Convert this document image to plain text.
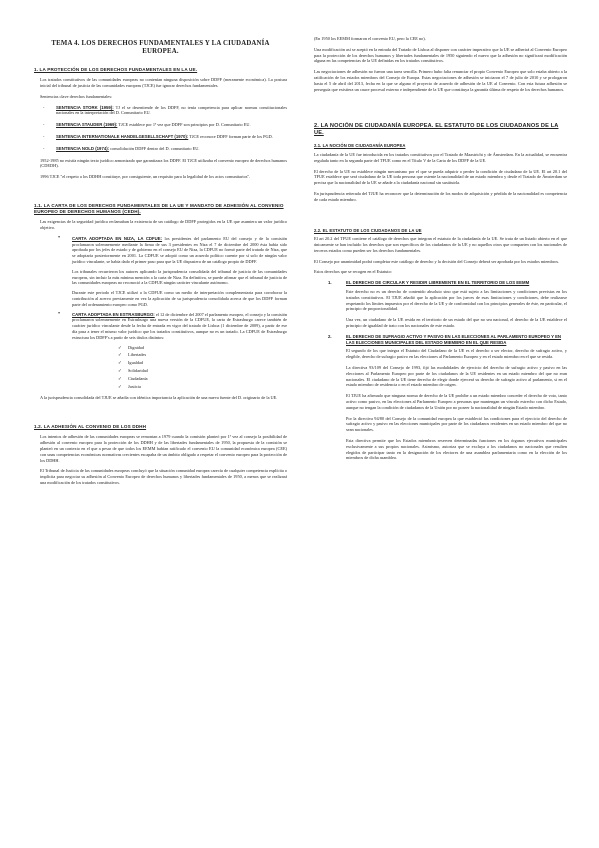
TEMA 4. LOS DERECHOS FUNDAMENTALES Y LA CIUDADANÍA EUROPEA.
1. LA PROTECCIÓN DE LOS DERECHOS FUNDAMENTALES EN LA UE.

Los tratados constitutivos de las comunidades europeas no contenían ninguna disposición sobre DDFF (meramente económica). La postura inicial del tribunal de justicia de las comunidades europeas (TJCE) fue ignorar derechos fundamentales.

Sentencias clave derechos fundamentales:

- SENTENCIA STORK (1959): TJ el se desentiende de los DDFF, no tenía competencia para aplicar normas constitucionales nacionales en la interpretación del D. Comunitario EU.
- SENTENCIA STAUDER (1969): TJCE establece por 1ª vez que DDFF son principios por D. Comunitario EU.
- SENTENCIA INTERNATIONALE HANDELGESELLSCHAFT (1970): TJCE reconoce DDFF forman parte de los PGD.
- SENTENCIA NOLD (1974): consolidación DDFF dentro del D. comunitario EU.

1952-1985 no existía ningún texto jurídico armonizado que garantizara los DDFF. El TJCE utilizaba el convenio europeo de derechos humanos (CDEDH).

1996 TJCE "el respeto a los DDHH constituye, por consiguiente, un requisito para la legalidad de los actos comunitarios".

1.1. LA CARTA DE LOS DERECHOS FUNDAMENTALES DE LA UE Y MANDATO DE ADHESIÓN AL CONVENIO EUROPEO DE DERECHOS HUMANOS (CEDH).

Las exigencias de la seguridad jurídica reclamaban la existencia de un catálogo de DDFF protegidos en la UE que asumiera un valor jurídico objetivo.

•	CARTA ADOPTADA EN NIZA, LA CDFUE: los presidentes del parlamento EU del consejo y de la comisión proclamaron solemnemente mediante la firma de sus 3 presidentes en Niza el 7 de diciembre del 2000 ésta había sido aprobada por los jefes de estado y de gobierno en el consejo EU de Niza, la CDFUE no formó parte del tratado de Niza, que se adoptaría posteriormente en 2001. La CDFUE se adoptó como un acuerdo político carente por sí solo de ningún valor jurídico vinculante, se había dado el primer paso para que la UE dispusiera de un catálogo propio de DDFF.

Los tribunales recurrieron los autores aplicando la jurisprudencia consolidada del tribunal de justicia de las comunidades europeas, sin incluir la más mínima mención a la carta de Niza. En definitiva, se puede afirmar que el tribunal de justicia de las comunidades europeas no reconoció a la CDFUE ningún carácter vinculante autónomo.

Durante este periodo el TJCE utilizó a la CDFUE como un medio de interpretación complementaria para corroborar la contribución al acervo previamente en vez la aplicación de su jurisprudencia consolidada acerca de que los DDFF forman parte del ordenamiento europeo como PGD.

•	CARTA ADOPTADA EN ESTRASBURGO: el 12 de diciembre del 2007 el parlamento europeo, el consejo y la comisión proclamaron solemnemente en Estrasburgo una nueva versión de la CDFUE, la carta de Estrasburgo carece también de carácter jurídico vinculante desde la fecha de entrada en vigor del tratado de Lisboa (1 diciembre de 2009), a partir de ese día pasa a tener el mismo valor jurídico que los tratados constitutivos, aunque no es un tratado. La CDFUE de Estrasburgo estructura los DDFF's a partir de seis títulos distintos:

✓ Dignidad
✓ Libertades
✓ Igualdad
✓ Solidaridad
✓ Ciudadanía
✓ Justicia

A la jurisprudencia consolidada del TJUE se añadía con idéntica importancia la aplicación de una nueva fuente del D. originario de la UE.

1.2. LA ADHESIÓN AL CONVENIO DE LOS DDHH

Los intentos de adhesión de las comunidades europeas se remontan a 1979 cuando la comisión planteó por 1ª vez al consejo la posibilidad de adhesión al convenio europeo para la protección de los DDHH y de las libertades fundamentales de 1950, la propuesta de la comisión se planteó en un contexto en el que a pesar de que todos los EEMM habían ratificado el convenio EU la comunidad económica europea (CEE) con unas competencias económicas normativas crecientes escapaba de un ámbito obligado a respetar el convenio europeo para la protección de los DDHH.

El Tribunal de Justicia de las comunidades europeas concluyó que la situación comunidad europea carecía de cualquier competencia explícita o implícita para negociar su adhesión al Convenio Europeo de derechos humanos y libertades fundamentales de 1950, a menos que se realizará una modificación de los tratados constitutivos.

(En 1950 los EEMM formaron el convenio EU, pero la CEE no).

Una modificación así se aceptó en la entrada del Tratado de Lisboa al disponer con carácter imperativo que la UE se adherirá al Convenio Europeo para la protección de los derechos humanos y libertades fundamentales de 1950 siguiendo el nuevo que la adhesión no significará modificación alguna en las competencias de la UE definidas en los tratados constitutivos.

Las negociaciones de adhesión no fueron una tarea sencilla. Primero hubo falta renunciar el propio Convenio Europeo que solo estaba abierto a la ratificación de los estados miembros del Consejo de Europa. Estas negociaciones de adhesión se iniciaron el 7 de julio de 2010 y se prologaron hasta el 5 de abril del 2013, fecha en la que se alguno el proyecto de acuerdo de adhesión de la UE al Convenio. Con esta futura adhesión se perseguía que existiera un cauce procesal externo e independiente de la UE que constituya la garantía última de respeto de los derechos humanos.

2. LA NOCIÓN DE CIUDADANÍA EUROPEA. EL ESTATUTO DE LOS CIUDADANOS DE LA UE.
2.1. LA NOCIÓN DE CIUDADANÍA EUROPEA

La ciudadanía de la UE fue introducida en los tratados constitutivos por el Tratado de Maastricht y de Ámsterdam. En la actualidad, se encuentra regulada tanto en la segunda parte del TFUE como en el Título V de la Carta de los DDFF de la UE.

El derecho de la UE no establece ningún mecanismo por el que se pueda adquirir o perder la condición de ciudadano de la UE. El art 20.1 del TFUE establece que será ciudadano de la UE toda persona que ostente la nacionalidad de un estado miembro y desde el Tratado de Ámsterdam se precisa que la nacionalidad de la UE se añade a la ciudadanía nacional sin sustituirla.

En jurisprudencia reiterada del TJUE ha reconocer que la determinación de los modos de adquisición y pérdida de la nacionalidad es competencia de cada estado miembro.

2.2. EL ESTATUTO DE LOS CIUDADANOS DE LA UE

El art 20.2 del TFUE contiene el catálogo de derechos que integran el estatuto de la ciudadanía de la UE. Se trata de un listado abierto en el que únicamente se han incluido los derechos que son específicos de los ciudadanos de la UE y no aquellos otros que comparten con los nacionales de terceros estados como pueden ser los derechos fundamentales.

El Consejo por unanimidad podrá completar este catálogo de derecho y la decisión del Consejo deberá ser aprobada por los estados miembros.

Estos derechos que se recogen en el Estatuto:

1.	EL DERECHO DE CIRCULAR Y RESIDIR LIBREMENTE EN EL TERRITORIO DE LOS EEMM

Este derecho no es un derecho de contenido absoluto sino que está sujeto a las limitaciones y condiciones previstas en los tratados constitutivos. El TJUE añadió que la aplicación por los jueces de esas limitaciones y condiciones, debe realizarse respetando los límites impuestos por el derecho de la UE y de conformidad con los principios generales de éste, en particular, el principio de proporcionalidad.

Una vez, un ciudadano de la UE resida en el territorio de un estado del que no sea nacional, el derecho de la UE establece el principio de igualdad de trato con los nacionales de este estado.

2.	EL DERECHO DE SUFRAGIO ACTIVO Y PASIVO EN LAS ELECCIONES AL PARLAMENTO EUROPEO Y EN LAS ELECCIONES MUNICIPALES DEL ESTADO MIEMBRO EN EL QUE RESIDA

El segundo de los que integra el Estatuto del Ciudadano de la UE es el derecho a ser elector, derecho de sufragio activo, y elegible, derecho de sufragio pasivo en las elecciones al Parlamento Europeo y en el estado miembro en el que se resida.

La directiva 93/109 del Consejo de 1993, fijó las modalidades de ejercicio del derecho de sufragio activo y pasivo en las elecciones al Parlamento Europeo por parte de los ciudadanos de la UE residentes en un estado miembro del que no eran nacionales. El ciudadano de la UE tiene derecho de elegir donde ejercerá su derecho de sufragio activo al parlamento, si en el estado miembro de residencia o en el estado miembro de origen.

El TJUE ha afirmado que ninguna norma de derecho de la UE prohíbe a un estado miembro conceder el derecho de voto, tanto activo como pasivo, en las elecciones al Parlamento Europeo a personas que mantengan un vínculo estrecho con dicho Estado, aunque no tengan la condición de ciudadanos de la Unión por no poseer la nacionalidad de ningún Estado miembro.

Por la directiva 94/80 del Consejo de la comunidad europea la que estableció las condiciones para el ejercicio del derecho de sufragio activo y pasivo en las elecciones municipales por parte de los ciudadanos residentes en un estado miembro del que no sean nacionales.

Esta directiva permite que los Estados miembros reserven determinadas funciones en los órganos ejecutivos municipales exclusivamente a sus propios nacionales. Asimismo, autoriza que se excluya a los ciudadanos no nacionales que resulten elegidos de participar tanto en la designación de los electores de una asamblea parlamentaria como en la elección de los miembros de dicha asamblea.
